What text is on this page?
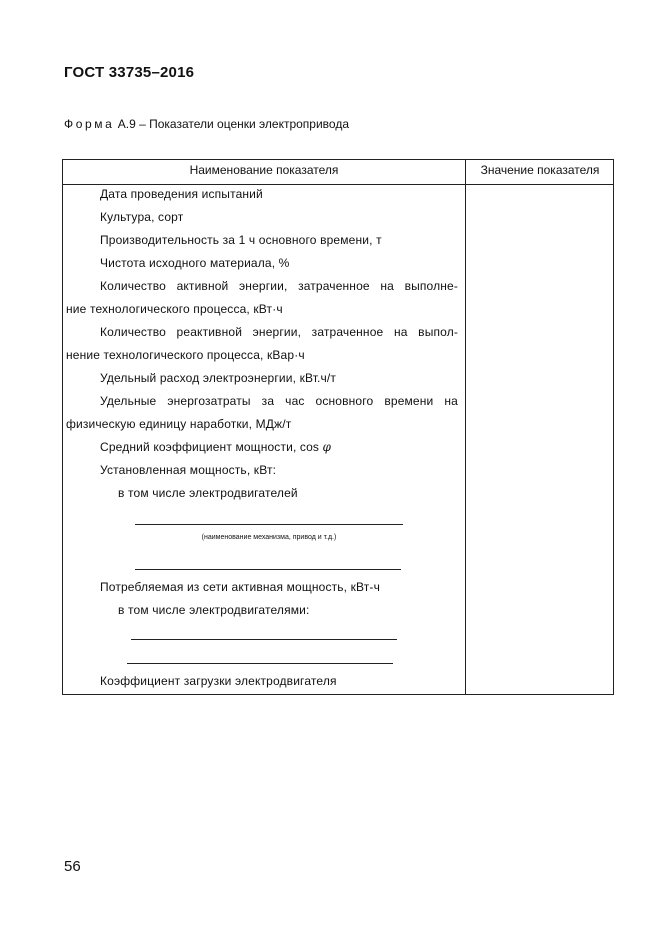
ГОСТ 33735–2016
Форма А.9 – Показатели оценки электропривода
Наименование показателя	Значение показателя
Дата проведения испытаний
Культура, сорт
Производительность за 1 ч основного времени, т
Чистота исходного материала, %
Количество активной энергии, затраченное на выполне-
ние технологического процесса, кВт·ч
Количество реактивной энергии, затраченное на выпол-
нение технологического процесса, кВар·ч
Удельный расход электроэнергии, кВт.ч/т
Удельные энергозатраты за час основного времени на
физическую единицу наработки, МДж/т
Средний коэффициент мощности, cos φ
Установленная мощность, кВт:
в том числе электродвигателей
(наименование механизма, привод и т.д.)
Потребляемая из сети активная мощность, кВт-ч
в том числе электродвигателями:
Коэффициент загрузки электродвигателя
56
